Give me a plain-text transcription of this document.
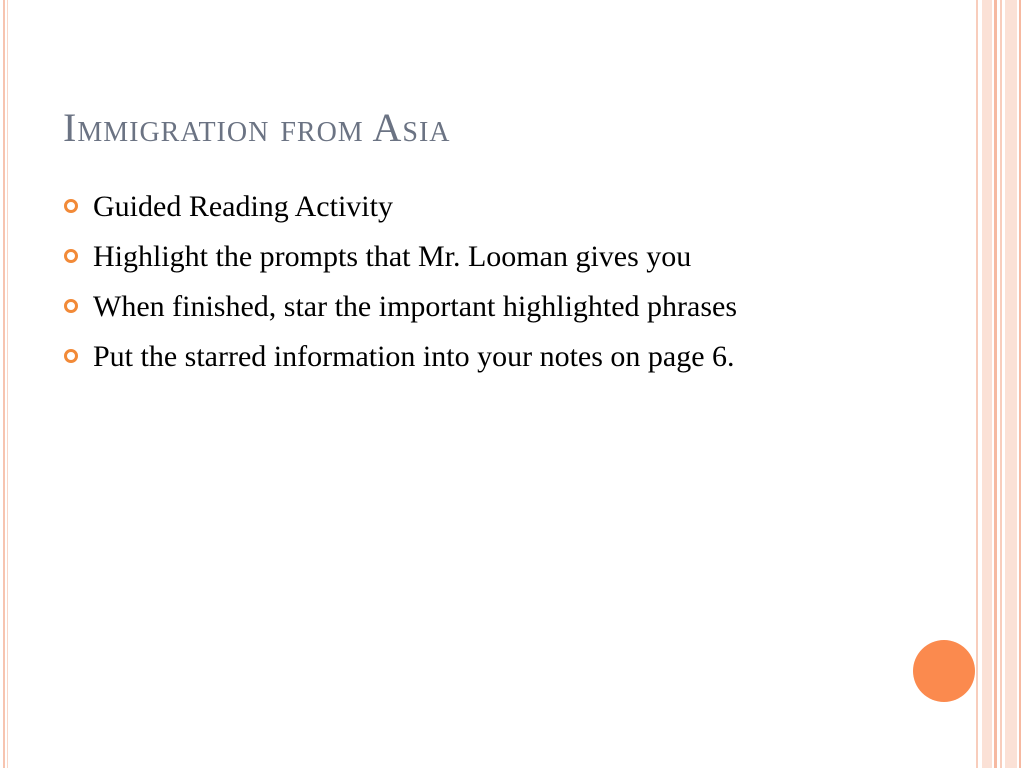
Immigration from Asia
Guided Reading Activity
Highlight the prompts that Mr. Looman gives you
When finished, star the important highlighted phrases
Put the starred information into your notes on page 6.
